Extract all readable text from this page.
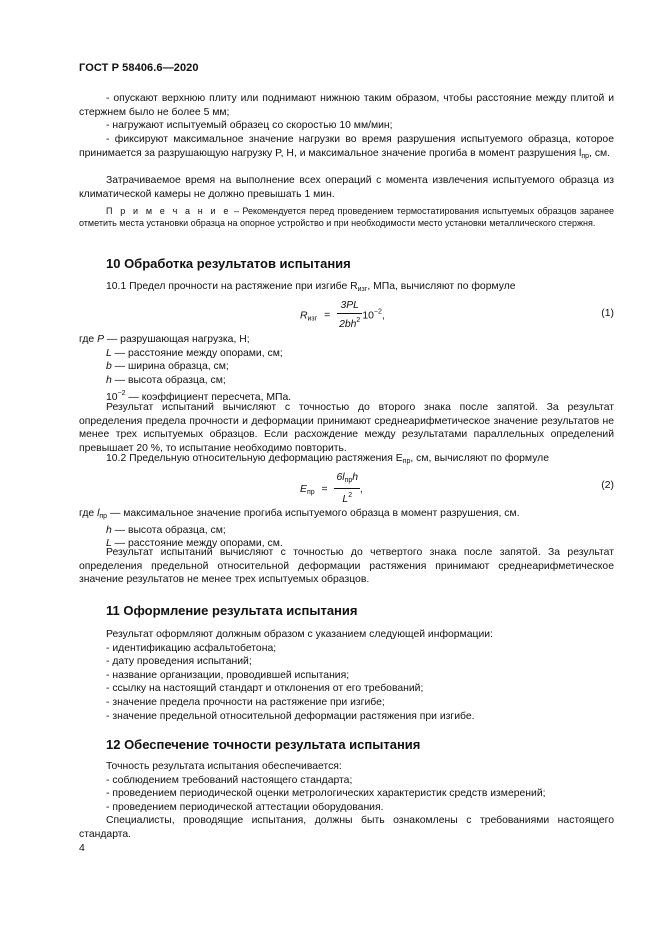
ГОСТ Р 58406.6—2020
- опускают верхнюю плиту или поднимают нижнюю таким образом, чтобы расстояние между плитой и стержнем было не более 5 мм;
- нагружают испытуемый образец со скоростью 10 мм/мин;
- фиксируют максимальное значение нагрузки во время разрушения испытуемого образца, которое принимается за разрушающую нагрузку P, Н, и максимальное значение прогиба в момент разрушения $l_{пр}$, см.
Затрачиваемое время на выполнение всех операций с момента извлечения испытуемого образца из климатической камеры не должно превышать 1 мин.
П р и м е ч а н и е – Рекомендуется перед проведением термостатирования испытуемых образцов заранее отметить места установки образца на опорное устройство и при необходимости место установки металлического стержня.
10 Обработка результатов испытания
10.1 Предел прочности на растяжение при изгибе $R_{изг}$, МПа, вычисляют по формуле
$R_{изг} = \frac{3PL}{2bh^2} 10^{-2}$,	(1)
где P — разрушающая нагрузка, Н;
L — расстояние между опорами, см;
b — ширина образца, см;
h — высота образца, см;
$10^{-2}$ — коэффициент пересчета, МПа.
Результат испытаний вычисляют с точностью до второго знака после запятой. За результат определения предела прочности и деформации принимают среднеарифметическое значение результатов не менее трех испытуемых образцов. Если расхождение между результатами параллельных определений превышает 20 %, то испытание необходимо повторить.
10.2 Предельную относительную деформацию растяжения $E_{пр}$, см, вычисляют по формуле
$E_{пр} = \frac{6l_{пр}h}{L^2}$ ,	(2)
где $l_{пр}$ — максимальное значение прогиба испытуемого образца в момент разрушения, см.
h — высота образца, см;
L — расстояние между опорами, см.
Результат испытаний вычисляют с точностью до четвертого знака после запятой. За результат определения предельной относительной деформации растяжения принимают среднеарифметическое значение результатов не менее трех испытуемых образцов.
11 Оформление результата испытания
Результат оформляют должным образом с указанием следующей информации:
- идентификацию асфальтобетона;
- дату проведения испытаний;
- название организации, проводившей испытания;
- ссылку на настоящий стандарт и отклонения от его требований;
- значение предела прочности на растяжение при изгибе;
- значение предельной относительной деформации растяжения при изгибе.
12 Обеспечение точности результата испытания
Точность результата испытания обеспечивается:
- соблюдением требований настоящего стандарта;
- проведением периодической оценки метрологических характеристик средств измерений;
- проведением периодической аттестации оборудования.
Специалисты, проводящие испытания, должны быть ознакомлены с требованиями настоящего стандарта.
4
